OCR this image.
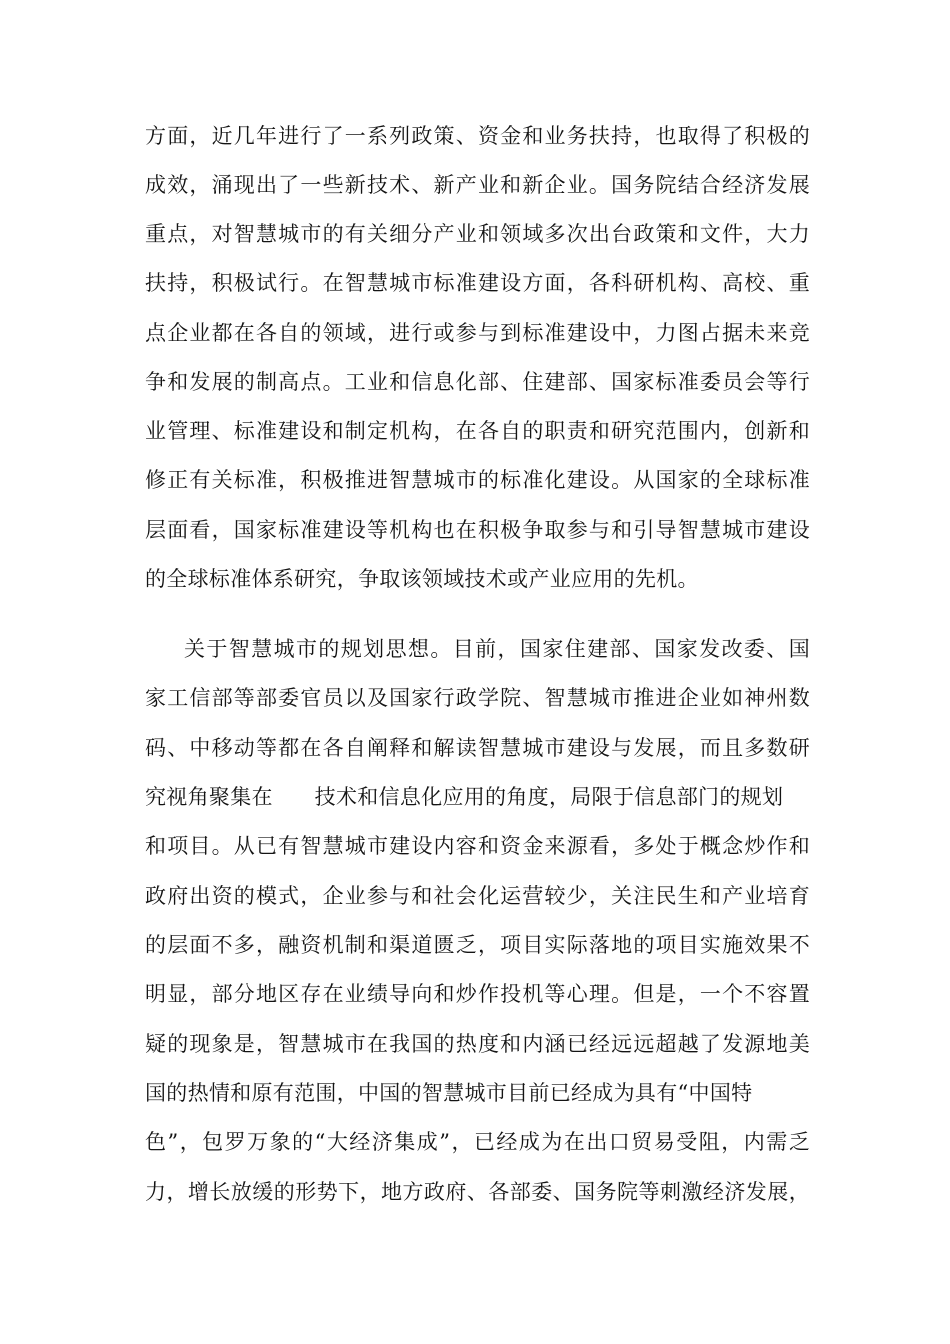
方面，近几年进行了一系列政策、资金和业务扶持，也取得了积极的
成效，涌现出了一些新技术、新产业和新企业。国务院结合经济发展
重点，对智慧城市的有关细分产业和领域多次出台政策和文件，大力
扶持，积极试行。在智慧城市标准建设方面，各科研机构、高校、重
点企业都在各自的领域，进行或参与到标准建设中，力图占据未来竞
争和发展的制高点。工业和信息化部、住建部、国家标准委员会等行
业管理、标准建设和制定机构，在各自的职责和研究范围内，创新和
修正有关标准，积极推进智慧城市的标准化建设。从国家的全球标准
层面看，国家标准建设等机构也在积极争取参与和引导智慧城市建设
的全球标准体系研究，争取该领域技术或产业应用的先机。
关于智慧城市的规划思想。目前，国家住建部、国家发改委、国
家工信部等部委官员以及国家行政学院、智慧城市推进企业如神州数
码、中移动等都在各自阐释和解读智慧城市建设与发展，而且多数研
究视角聚集在      技术和信息化应用的角度，局限于信息部门的规划
和项目。从已有智慧城市建设内容和资金来源看，多处于概念炒作和
政府出资的模式，企业参与和社会化运营较少，关注民生和产业培育
的层面不多，融资机制和渠道匮乏，项目实际落地的项目实施效果不
明显，部分地区存在业绩导向和炒作投机等心理。但是，一个不容置
疑的现象是，智慧城市在我国的热度和内涵已经远远超越了发源地美
国的热情和原有范围，中国的智慧城市目前已经成为具有“中国特
色”，包罗万象的“大经济集成”，已经成为在出口贸易受阻，内需乏
力，增长放缓的形势下，地方政府、各部委、国务院等刺激经济发展，
